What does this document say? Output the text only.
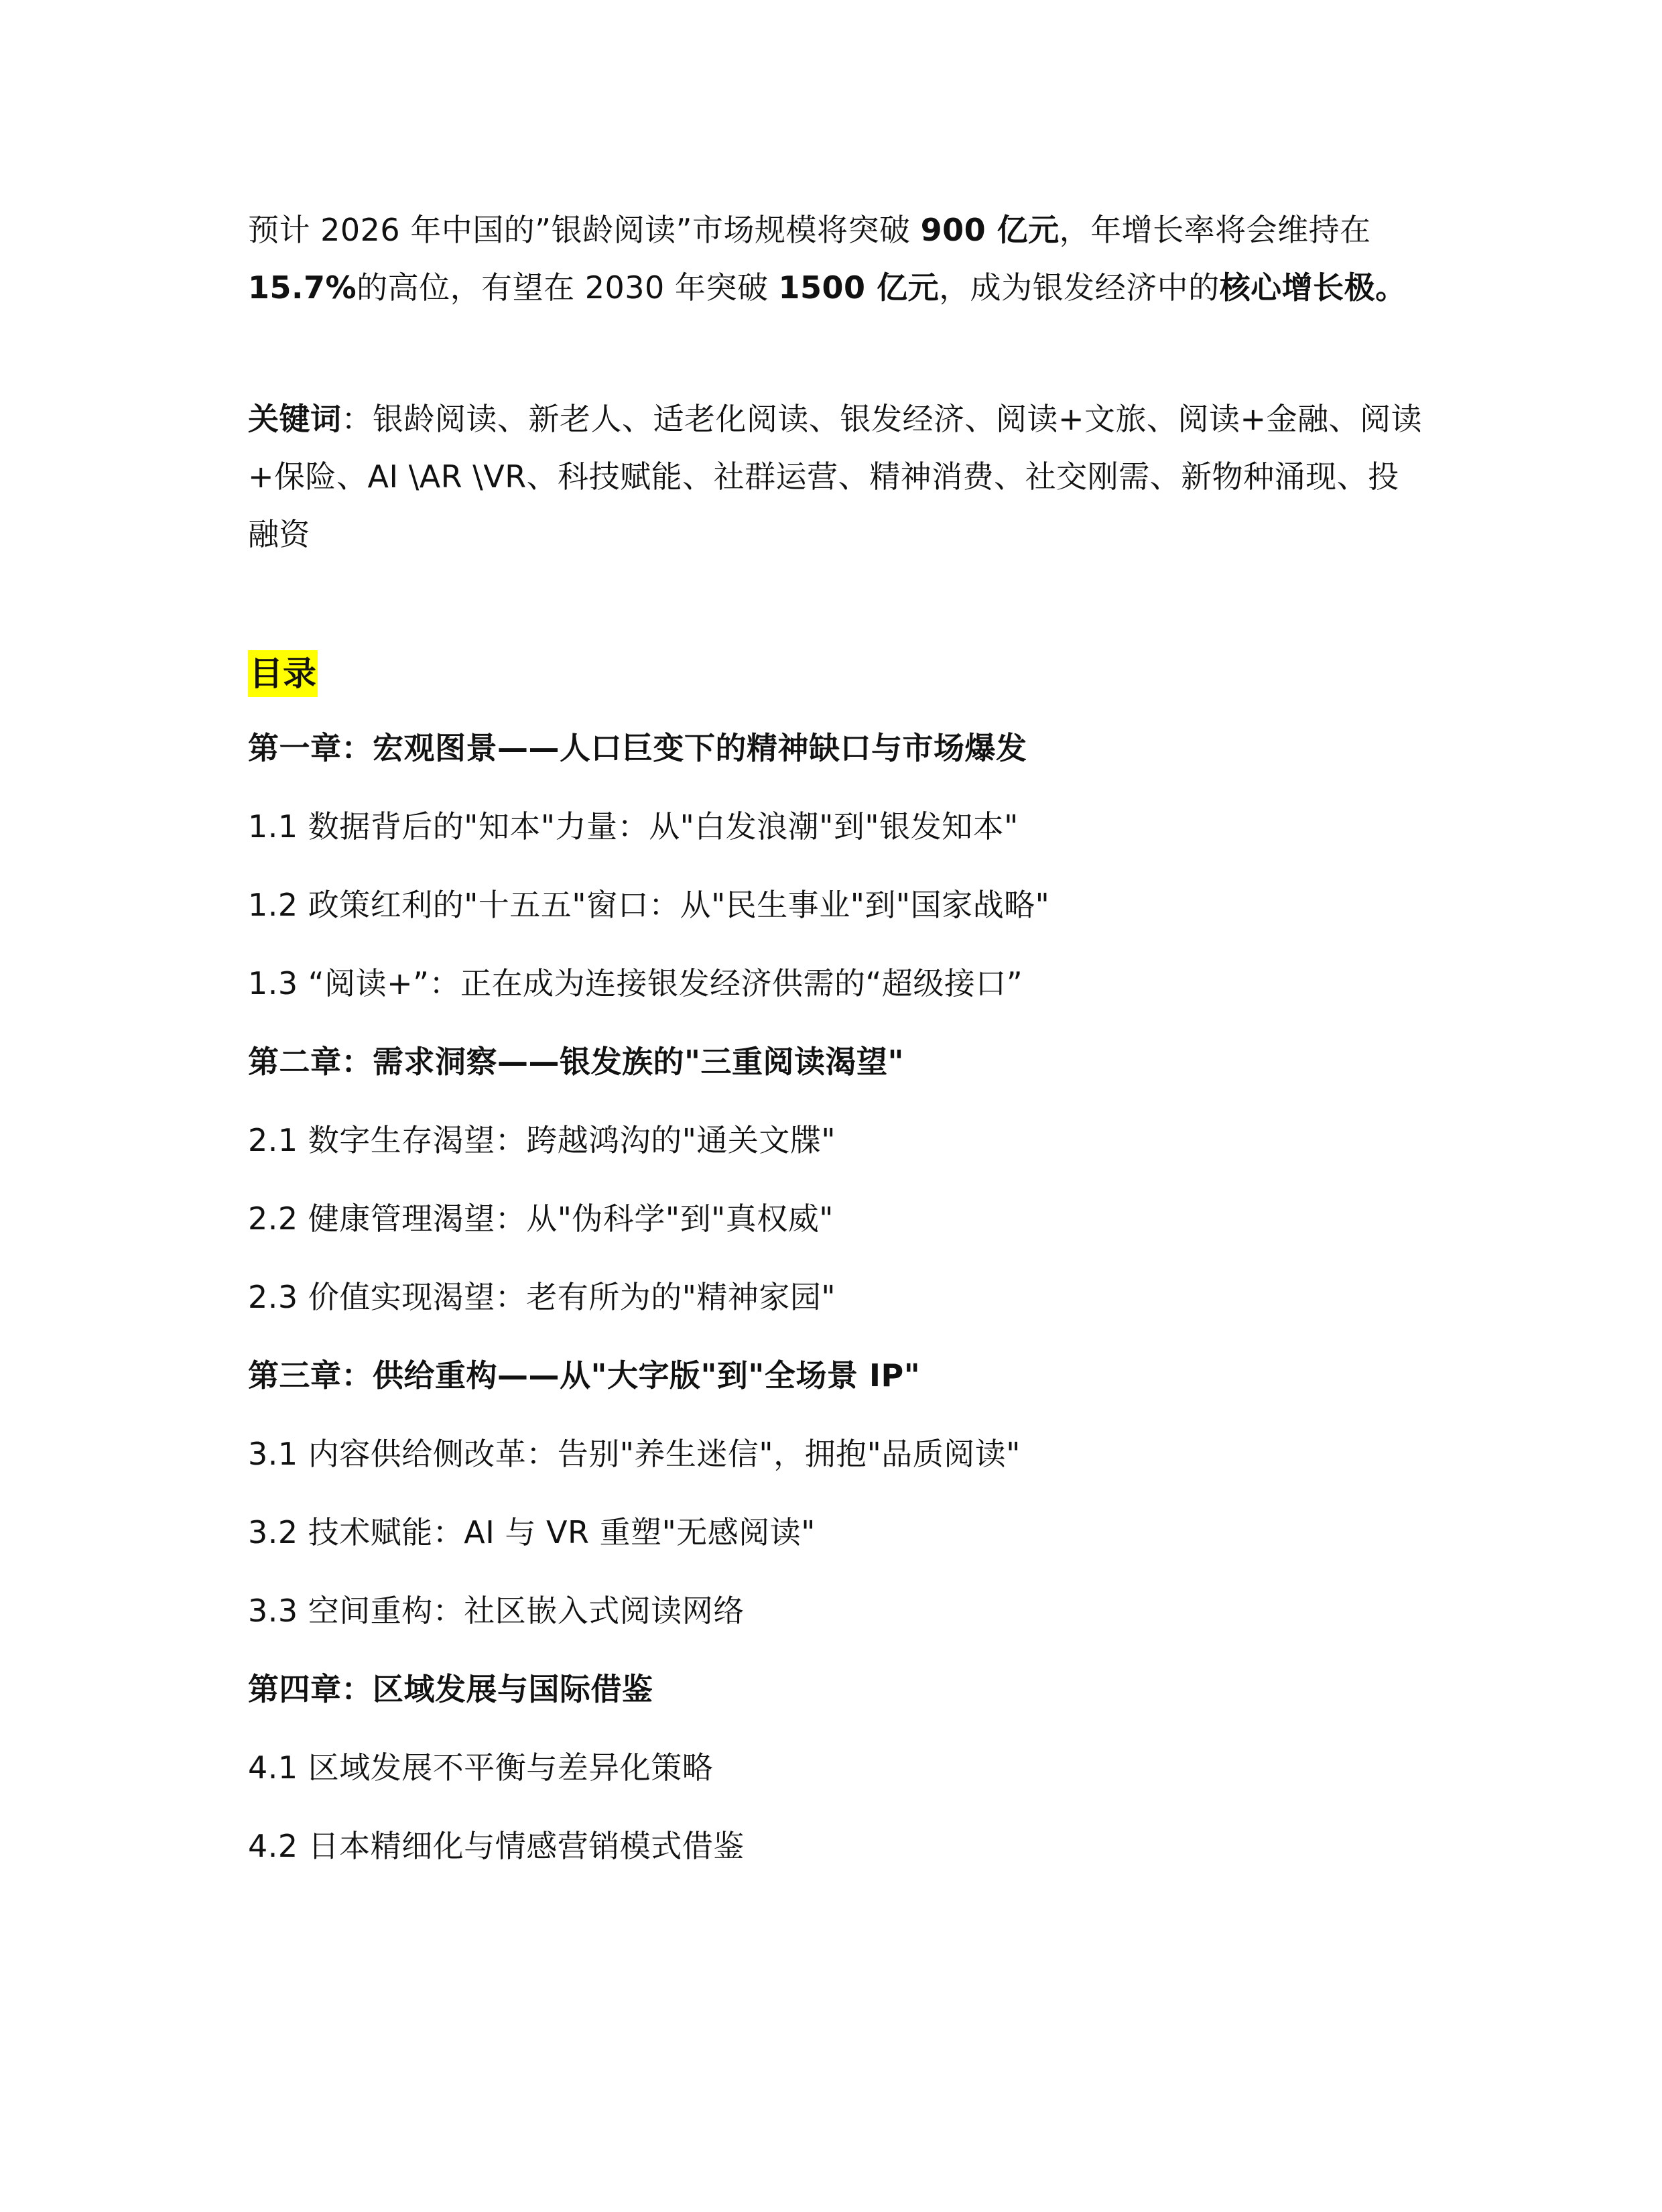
预计 2026 年中国的”银龄阅读”市场规模将突破 900 亿元，年增长率将会维持在 15.7%的高位，有望在 2030 年突破 1500 亿元，成为银发经济中的核心增长极。

关键词：银龄阅读、新老人、适老化阅读、银发经济、阅读+文旅、阅读+金融、阅读+保险、AI \AR \VR、科技赋能、社群运营、精神消费、社交刚需、新物种涌现、投融资

目录
第一章：宏观图景——人口巨变下的精神缺口与市场爆发
1.1 数据背后的"知本"力量：从"白发浪潮"到"银发知本"
1.2 政策红利的"十五五"窗口：从"民生事业"到"国家战略"
1.3 “阅读+”：正在成为连接银发经济供需的“超级接口”
第二章：需求洞察——银发族的"三重阅读渴望"
2.1 数字生存渴望：跨越鸿沟的"通关文牒"
2.2 健康管理渴望：从"伪科学"到"真权威"
2.3 价值实现渴望：老有所为的"精神家园"
第三章：供给重构——从"大字版"到"全场景 IP"
3.1 内容供给侧改革：告别"养生迷信"，拥抱"品质阅读"
3.2 技术赋能：AI 与 VR 重塑"无感阅读"
3.3 空间重构：社区嵌入式阅读网络
第四章：区域发展与国际借鉴
4.1 区域发展不平衡与差异化策略
4.2 日本精细化与情感营销模式借鉴
